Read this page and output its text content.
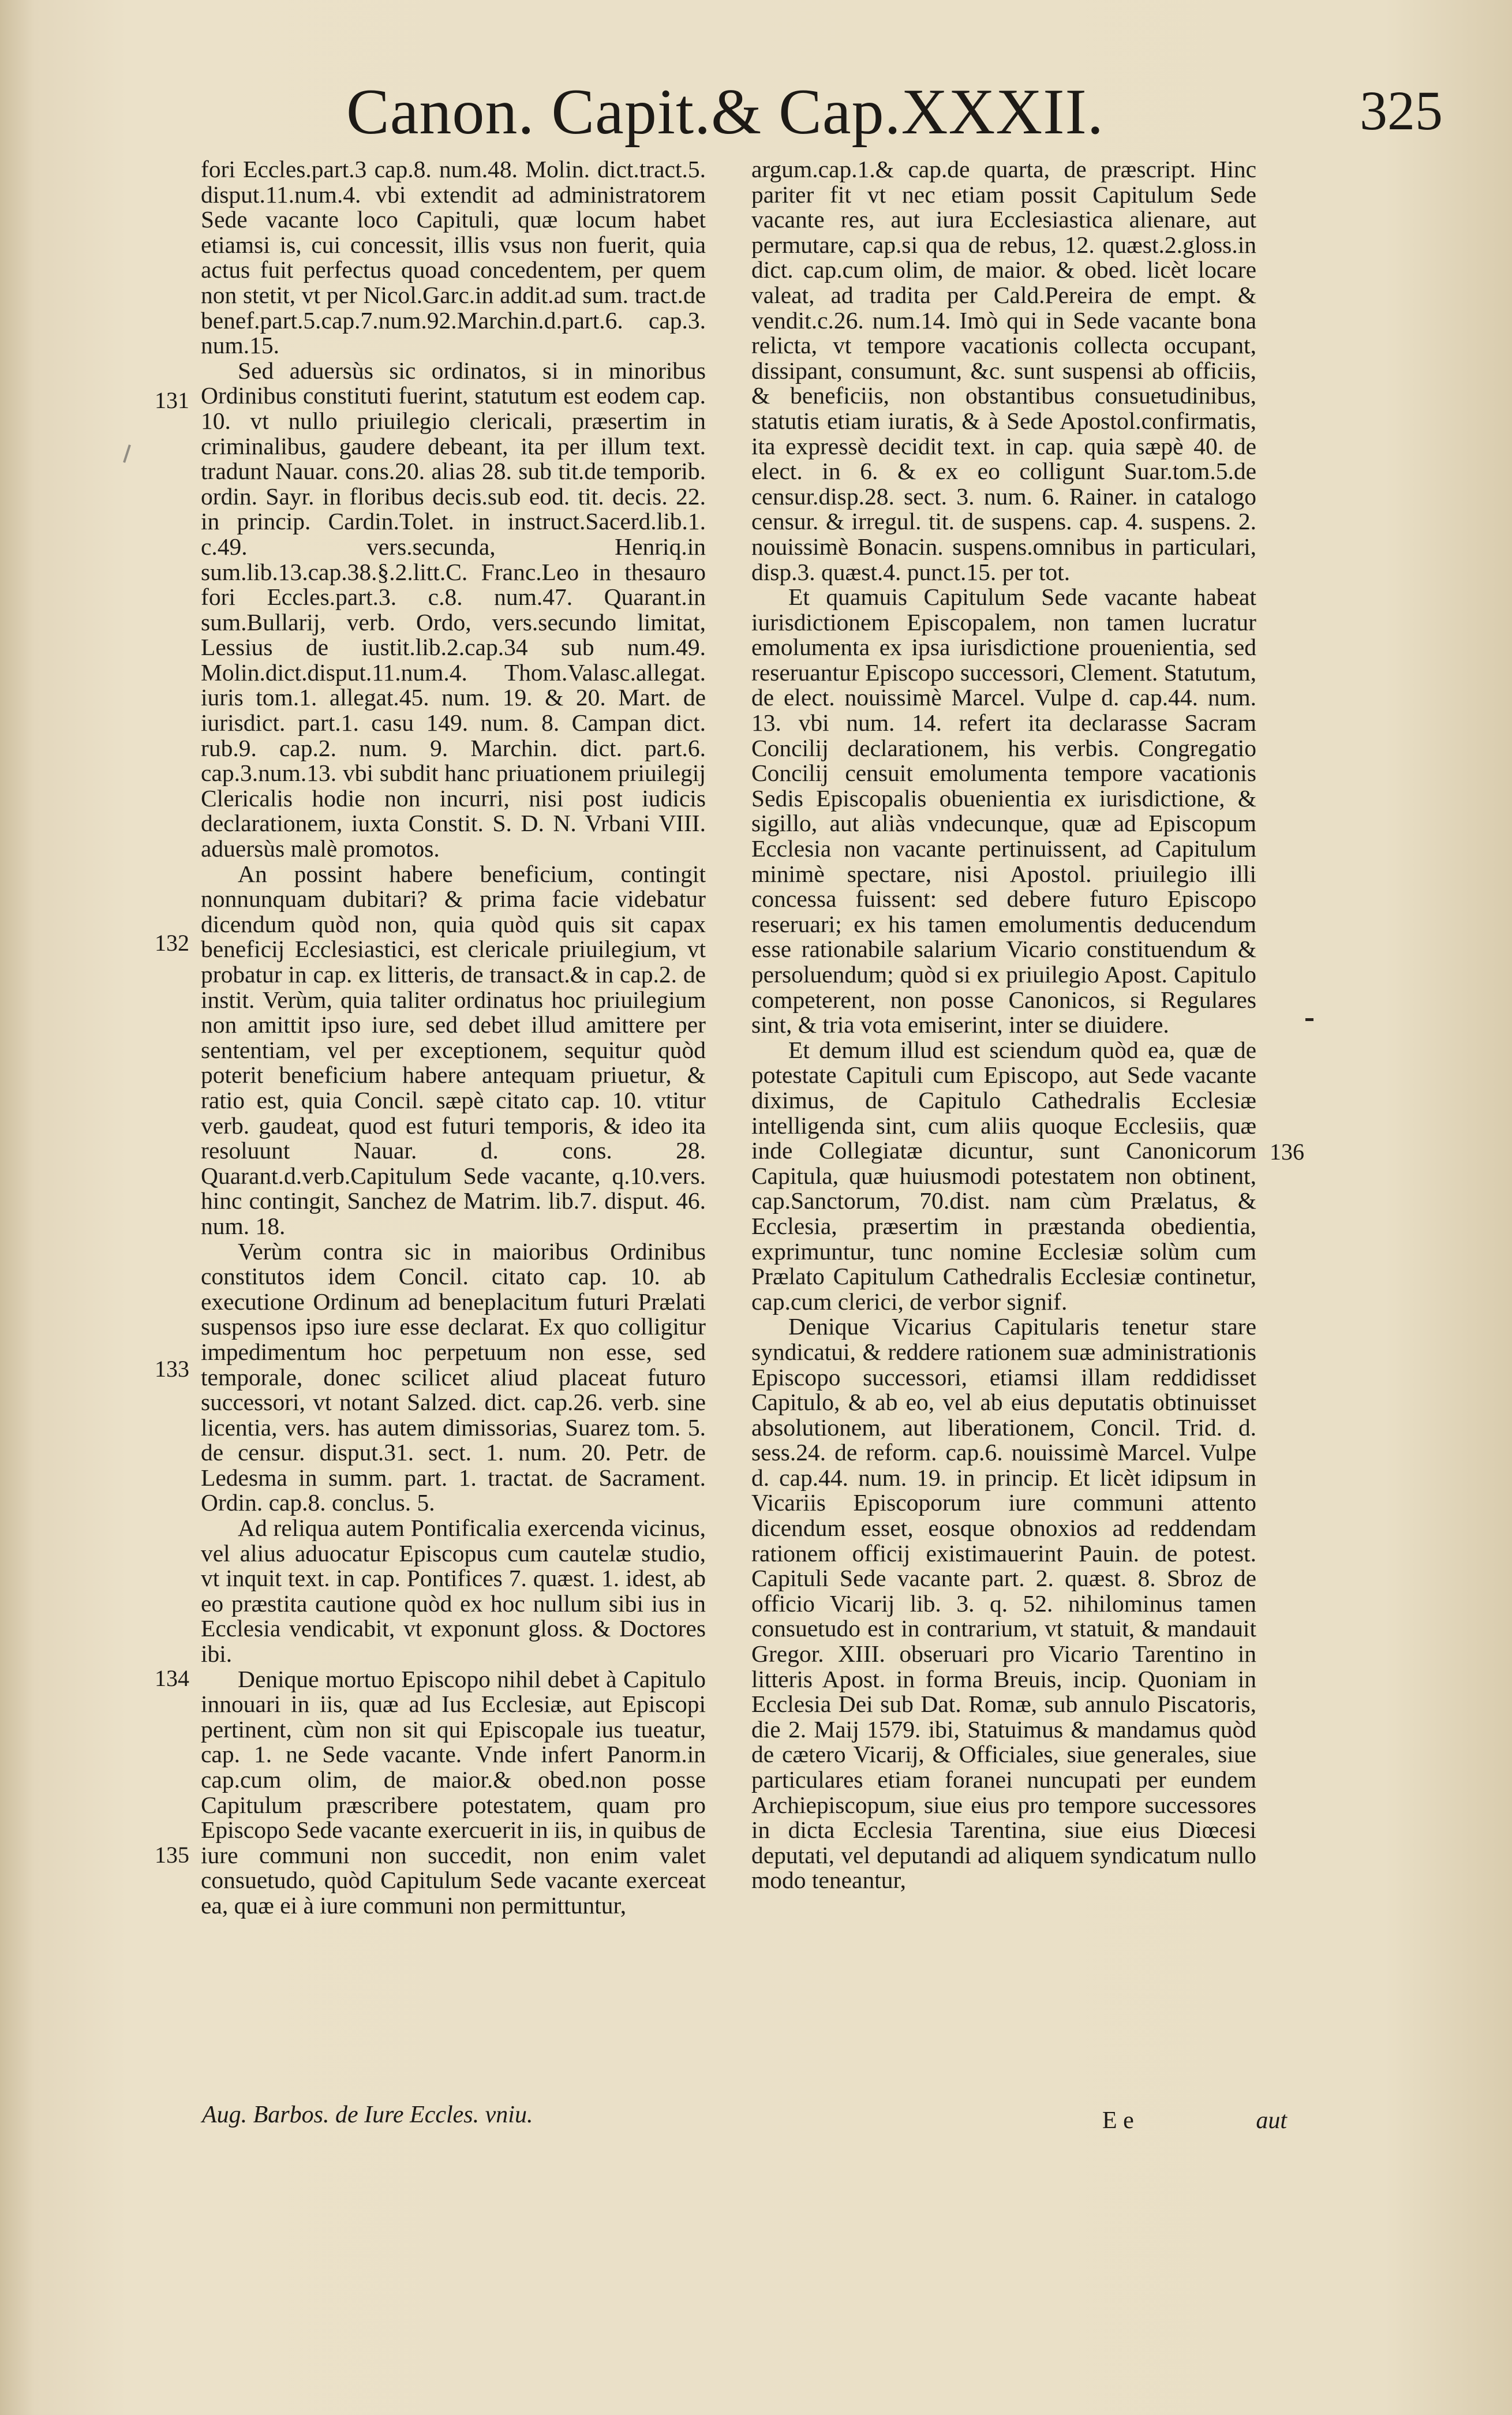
Canon. Capit.& Cap.XXXII.	325
131
132
133
134
135
136

fori Eccles.part.3 cap.8. num.48. Molin. dict.tract.5. disput.11.num.4. vbi extendit ad administratorem Sede vacante loco Capituli, quæ locum habet etiamsi is, cui concessit, illis vsus non fuerit, quia actus fuit perfectus quoad concedentem, per quem non stetit, vt per Nicol.Garc.in addit.ad sum. tract.de benef.part.5.cap.7.num.92.Marchin.d.part.6. cap.3. num.15.

Sed aduersùs sic ordinatos, si in minoribus Ordinibus constituti fuerint, statutum est eodem cap. 10. vt nullo priuilegio clericali, præsertim in criminalibus, gaudere debeant, ita per illum text. tradunt Nauar. cons.20. alias 28. sub tit.de temporib. ordin. Sayr. in floribus decis.sub eod. tit. decis. 22. in princip. Cardin.Tolet. in instruct.Sacerd.lib.1. c.49. vers.secunda, Henriq.in sum.lib.13.cap.38.§.2.litt.C. Franc.Leo in thesauro fori Eccles.part.3. c.8. num.47. Quarant.in sum.Bullarij, verb. Ordo, vers.secundo limitat, Lessius de iustit.lib.2.cap.34 sub num.49. Molin.dict.disput.11.num.4. Thom.Valasc.allegat. iuris tom.1. allegat.45. num. 19. & 20. Mart. de iurisdict. part.1. casu 149. num. 8. Campan dict. rub.9. cap.2. num. 9. Marchin. dict. part.6. cap.3.num.13. vbi subdit hanc priuationem priuilegij Clericalis hodie non incurri, nisi post iudicis declarationem, iuxta Constit. S. D. N. Vrbani VIII. aduersùs malè promotos.

An possint habere beneficium, contingit nonnunquam dubitari? & prima facie videbatur dicendum quòd non, quia quòd quis sit capax beneficij Ecclesiastici, est clericale priuilegium, vt probatur in cap. ex litteris, de transact.& in cap.2. de instit. Verùm, quia taliter ordinatus hoc priuilegium non amittit ipso iure, sed debet illud amittere per sententiam, vel per exceptionem, sequitur quòd poterit beneficium habere antequam priuetur, & ratio est, quia Concil. sæpè citato cap. 10. vtitur verb. gaudeat, quod est futuri temporis, & ideo ita resoluunt Nauar. d. cons. 28. Quarant.d.verb.Capitulum Sede vacante, q.10.vers. hinc contingit, Sanchez de Matrim. lib.7. disput. 46. num. 18.

Verùm contra sic in maioribus Ordinibus constitutos idem Concil. citato cap. 10. ab executione Ordinum ad beneplacitum futuri Prælati suspensos ipso iure esse declarat. Ex quo colligitur impedimentum hoc perpetuum non esse, sed temporale, donec scilicet aliud placeat futuro successori, vt notant Salzed. dict. cap.26. verb. sine licentia, vers. has autem dimissorias, Suarez tom. 5. de censur. disput.31. sect. 1. num. 20. Petr. de Ledesma in summ. part. 1. tractat. de Sacrament. Ordin. cap.8. conclus. 5.

Ad reliqua autem Pontificalia exercenda vicinus, vel alius aduocatur Episcopus cum cautelæ studio, vt inquit text. in cap. Pontifices 7. quæst. 1. idest, ab eo præstita cautione quòd ex hoc nullum sibi ius in Ecclesia vendicabit, vt exponunt gloss. & Doctores ibi.

Denique mortuo Episcopo nihil debet à Capitulo innouari in iis, quæ ad Ius Ecclesiæ, aut Episcopi pertinent, cùm non sit qui Episcopale ius tueatur, cap. 1. ne Sede vacante. Vnde infert Panorm.in cap.cum olim, de maior.& obed.non posse Capitulum præscribere potestatem, quam pro Episcopo Sede vacante exercuerit in iis, in quibus de iure communi non succedit, non enim valet consuetudo, quòd Capitulum Sede vacante exerceat ea, quæ ei à iure communi non permittuntur,

argum.cap.1.& cap.de quarta, de præscript. Hinc pariter fit vt nec etiam possit Capitulum Sede vacante res, aut iura Ecclesiastica alienare, aut permutare, cap.si qua de rebus, 12. quæst.2.gloss.in dict. cap.cum olim, de maior. & obed. licèt locare valeat, ad tradita per Cald.Pereira de empt. & vendit.c.26. num.14. Imò qui in Sede vacante bona relicta, vt tempore vacationis collecta occupant, dissipant, consumunt, &c. sunt suspensi ab officiis, & beneficiis, non obstantibus consuetudinibus, statutis etiam iuratis, & à Sede Apostol.confirmatis, ita expressè decidit text. in cap. quia sæpè 40. de elect. in 6. & ex eo colligunt Suar.tom.5.de censur.disp.28. sect. 3. num. 6. Rainer. in catalogo censur. & irregul. tit. de suspens. cap. 4. suspens. 2. nouissimè Bonacin. suspens.omnibus in particulari, disp.3. quæst.4. punct.15. per tot.

Et quamuis Capitulum Sede vacante habeat iurisdictionem Episcopalem, non tamen lucratur emolumenta ex ipsa iurisdictione prouenientia, sed reseruantur Episcopo successori, Clement. Statutum, de elect. nouissimè Marcel. Vulpe d. cap.44. num. 13. vbi num. 14. refert ita declarasse Sacram Concilij declarationem, his verbis. Congregatio Concilij censuit emolumenta tempore vacationis Sedis Episcopalis obuenientia ex iurisdictione, & sigillo, aut aliàs vndecunque, quæ ad Episcopum Ecclesia non vacante pertinuissent, ad Capitulum minimè spectare, nisi Apostol. priuilegio illi concessa fuissent: sed debere futuro Episcopo reseruari; ex his tamen emolumentis deducendum esse rationabile salarium Vicario constituendum & persoluendum; quòd si ex priuilegio Apost. Capitulo competerent, non posse Canonicos, si Regulares sint, & tria vota emiserint, inter se diuidere.

Et demum illud est sciendum quòd ea, quæ de potestate Capituli cum Episcopo, aut Sede vacante diximus, de Capitulo Cathedralis Ecclesiæ intelligenda sint, cum aliis quoque Ecclesiis, quæ inde Collegiatæ dicuntur, sunt Canonicorum Capitula, quæ huiusmodi potestatem non obtinent, cap.Sanctorum, 70.dist. nam cùm Prælatus, & Ecclesia, præsertim in præstanda obedientia, exprimuntur, tunc nomine Ecclesiæ solùm cum Prælato Capitulum Cathedralis Ecclesiæ continetur, cap.cum clerici, de verbor signif.

Denique Vicarius Capitularis tenetur stare syndicatui, & reddere rationem suæ administrationis Episcopo successori, etiamsi illam reddidisset Capitulo, & ab eo, vel ab eius deputatis obtinuisset absolutionem, aut liberationem, Concil. Trid. d. sess.24. de reform. cap.6. nouissimè Marcel. Vulpe d. cap.44. num. 19. in princip. Et licèt idipsum in Vicariis Episcoporum iure communi attento dicendum esset, eosque obnoxios ad reddendam rationem officij existimauerint Pauin. de potest. Capituli Sede vacante part. 2. quæst. 8. Sbroz de officio Vicarij lib. 3. q. 52. nihilominus tamen consuetudo est in contrarium, vt statuit, & mandauit Gregor. XIII. obseruari pro Vicario Tarentino in litteris Apost. in forma Breuis, incip. Quoniam in Ecclesia Dei sub Dat. Romæ, sub annulo Piscatoris, die 2. Maij 1579. ibi, Statuimus & mandamus quòd de cætero Vicarij, & Officiales, siue generales, siue particulares etiam foranei nuncupati per eundem Archiepiscopum, siue eius pro tempore successores in dicta Ecclesia Tarentina, siue eius Diœcesi deputati, vel deputandi ad aliquem syndicatum nullo modo teneantur,

Aug. Barbos. de Iure Eccles. vniu.	E e	aut
